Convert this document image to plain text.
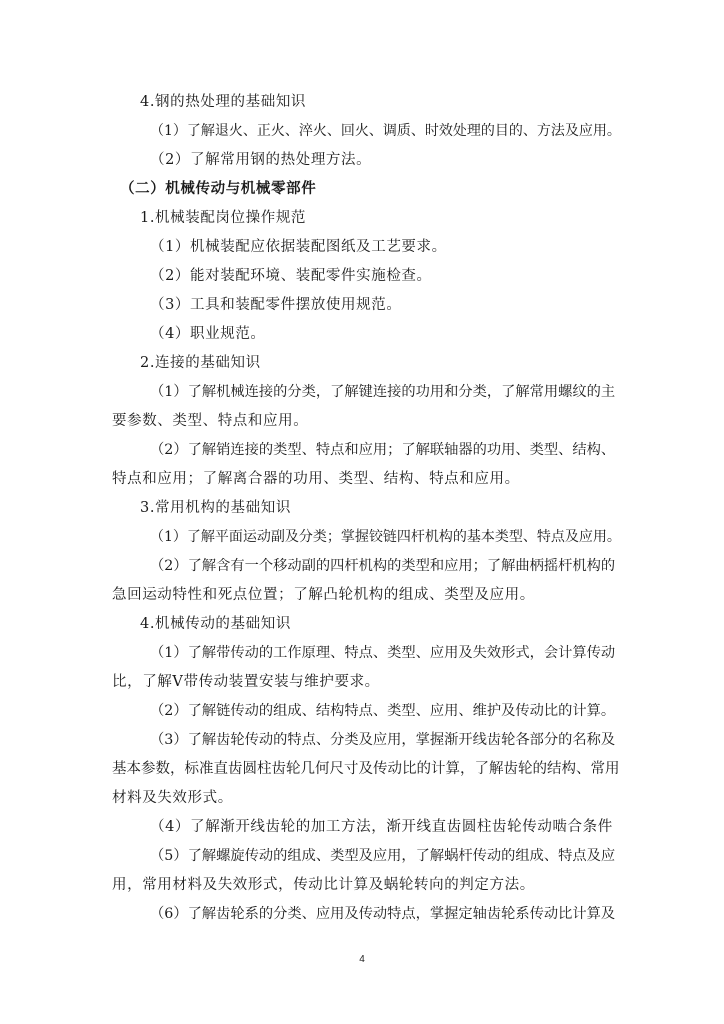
4.钢的热处理的基础知识
（1）了解退火、正火、淬火、回火、调质、时效处理的目的、方法及应用。
（2）了解常用钢的热处理方法。
（二）机械传动与机械零部件
1.机械装配岗位操作规范
（1）机械装配应依据装配图纸及工艺要求。
（2）能对装配环境、装配零件实施检查。
（3）工具和装配零件摆放使用规范。
（4）职业规范。
2.连接的基础知识
（1）了解机械连接的分类，了解键连接的功用和分类，了解常用螺纹的主
要参数、类型、特点和应用。
（2）了解销连接的类型、特点和应用；了解联轴器的功用、类型、结构、
特点和应用；了解离合器的功用、类型、结构、特点和应用。
3.常用机构的基础知识
（1）了解平面运动副及分类；掌握铰链四杆机构的基本类型、特点及应用。
（2）了解含有一个移动副的四杆机构的类型和应用；了解曲柄摇杆机构的
急回运动特性和死点位置；了解凸轮机构的组成、类型及应用。
4.机械传动的基础知识
（1）了解带传动的工作原理、特点、类型、应用及失效形式，会计算传动
比，了解V带传动装置安装与维护要求。
（2）了解链传动的组成、结构特点、类型、应用、维护及传动比的计算。
（3）了解齿轮传动的特点、分类及应用，掌握渐开线齿轮各部分的名称及
基本参数，标准直齿圆柱齿轮几何尺寸及传动比的计算，了解齿轮的结构、常用
材料及失效形式。
（4）了解渐开线齿轮的加工方法，渐开线直齿圆柱齿轮传动啮合条件
（5）了解螺旋传动的组成、类型及应用，了解蜗杆传动的组成、特点及应
用，常用材料及失效形式，传动比计算及蜗轮转向的判定方法。
（6）了解齿轮系的分类、应用及传动特点，掌握定轴齿轮系传动比计算及
4
